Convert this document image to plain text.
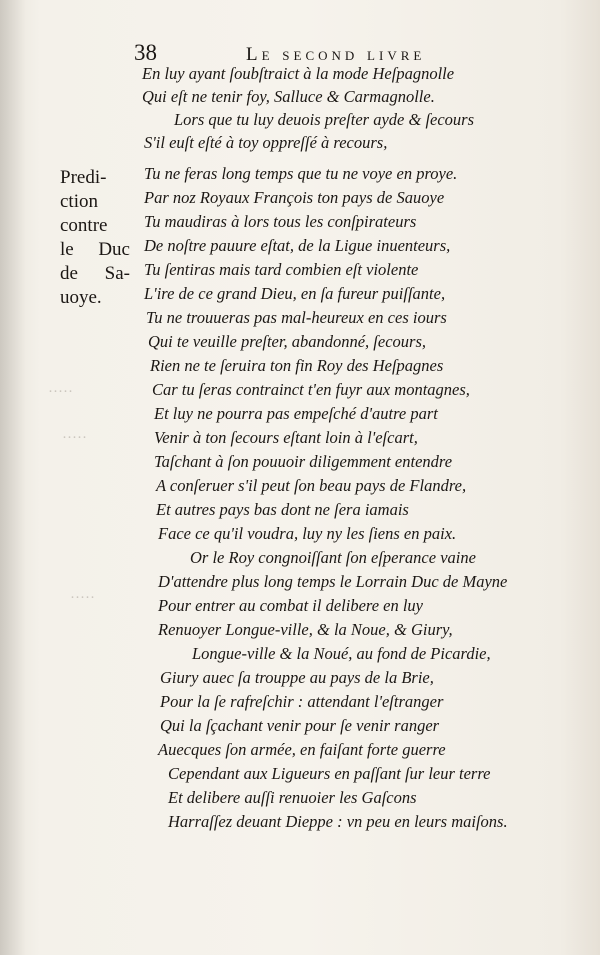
38	Le second livre
Predi-
ction
contre
le Duc
de Sa-
uoye.
·····
·····
·····
En luy ayant ſoubſtraict à la mode Heſpagnolle
Qui eſt ne tenir foy, Salluce & Carmagnolle.
Lors que tu luy deuois preſter ayde & ſecours
S'il euſt eſté à toy oppreſſé à recours,
Tu ne feras long temps que tu ne voye en proye.
Par noz Royaux François ton pays de Sauoye
Tu maudiras à lors tous les conſpirateurs
De noſtre pauure eſtat, de la Ligue inuenteurs,
Tu ſentiras mais tard combien eſt violente
L'ire de ce grand Dieu, en ſa fureur puiſſante,
Tu ne trouueras pas mal-heureux en ces iours
Qui te veuille preſter, abandonné, ſecours,
Rien ne te ſeruira ton fin Roy des Heſpagnes
Car tu ſeras contrainct t'en fuyr aux montagnes,
Et luy ne pourra pas empeſché d'autre part
Venir à ton ſecours eſtant loin à l'eſcart,
Taſchant à ſon pouuoir diligemment entendre
A conſeruer s'il peut ſon beau pays de Flandre,
Et autres pays bas dont ne ſera iamais
Face ce qu'il voudra, luy ny les ſiens en paix.
Or le Roy congnoiſſant ſon eſperance vaine
D'attendre plus long temps le Lorrain Duc de Mayne
Pour entrer au combat il delibere en luy
Renuoyer Longue-ville, & la Noue, & Giury,
Longue-ville & la Noué, au fond de Picardie,
Giury auec ſa trouppe au pays de la Brie,
Pour la ſe rafreſchir : attendant l'eſtranger
Qui la ſçachant venir pour ſe venir ranger
Auecques ſon armée, en faiſant forte guerre
Cependant aux Ligueurs en paſſant ſur leur terre
Et delibere auſſi renuoier les Gaſcons
Harraſſez deuant Dieppe : vn peu en leurs maiſons.
